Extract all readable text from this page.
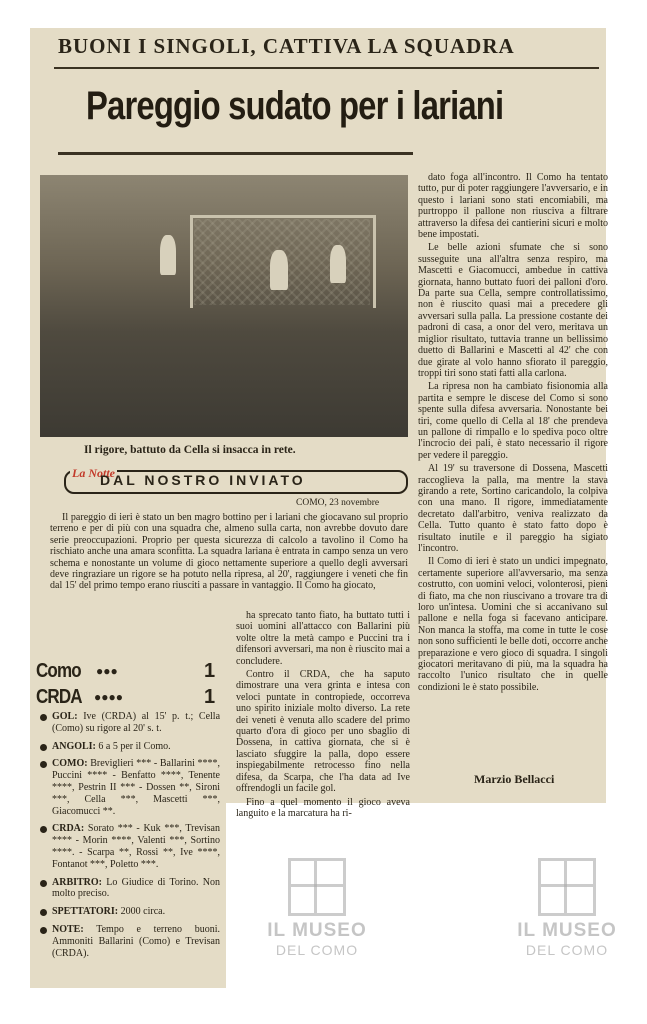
BUONI I SINGOLI, CATTIVA LA SQUADRA
Pareggio sudato per i lariani
Il rigore, battuto da Cella si insacca in rete.
La Notte
DAL NOSTRO INVIATO
COMO, 23 novembre
Il pareggio di ieri è stato un ben magro bottino per i lariani che giocavano sul proprio terreno e per di più con una squadra che, almeno sulla carta, non avrebbe dovuto dare serie preoccupazioni. Proprio per questa sicurezza di calcolo a tavolino il Como ha rischiato anche una amara sconfitta. La squadra lariana è entrata in campo senza un vero schema e nonostante un volume di gioco nettamente superiore a quello degli avversari deve ringraziare un rigore se ha potuto nella ripresa, al 20', raggiungere i veneti che fin dal 15' del primo tempo erano riusciti a passare in vantaggio. Il Como ha giocato,

ha sprecato tanto fiato, ha buttato tutti i suoi uomini all'attacco con Ballarini più volte oltre la metà campo e Puccini tra i difensori avversari, ma non è riuscito mai a concludere.

Contro il CRDA, che ha saputo dimostrare una vera grinta e intesa con veloci puntate in contropiede, occorreva uno spirito iniziale molto diverso. La rete dei veneti è venuta allo scadere del primo quarto d'ora di gioco per uno sbaglio di Dossena, in cattiva giornata, che si è lasciato sfuggire la palla, dopo essere inspiegabilmente retrocesso fino nella difesa, da Scarpa, che l'ha data ad Ive offrendogli un facile gol.

Fino a quel momento il gioco aveva languito e la marcatura ha ri-

dato foga all'incontro. Il Como ha tentato tutto, pur di poter raggiungere l'avversario, e in questo i lariani sono stati encomiabili, ma purtroppo il pallone non riusciva a filtrare attraverso la difesa dei cantierini sicuri e molto bene impostati.

Le belle azioni sfumate che si sono susseguite una all'altra senza respiro, ma Mascetti e Giacomucci, ambedue in cattiva giornata, hanno buttato fuori dei palloni d'oro. Da parte sua Cella, sempre controllatissimo, non è riuscito quasi mai a precedere gli avversari sulla palla. La pressione costante dei padroni di casa, a onor del vero, meritava un miglior risultato, tuttavia tranne un bellissimo duetto di Ballarini e Mascetti al 42' che con due girate al volo hanno sfiorato il pareggio, troppi tiri sono stati fatti alla carlona.

La ripresa non ha cambiato fisionomia alla partita e sempre le discese del Como si sono spente sulla difesa avversaria. Nonostante bei tiri, come quello di Cella al 18' che prendeva un pallone di rimpallo e lo spediva poco oltre l'incrocio dei pali, è stato necessario il rigore per vedere il pareggio.

Al 19' su traversone di Dossena, Mascetti raccoglieva la palla, ma mentre la stava girando a rete, Sortino caricandolo, la colpiva con una mano. Il rigore, immediatamente decretato dall'arbitro, veniva realizzato da Cella. Tutto quanto è stato fatto dopo è risultato inutile e il pareggio ha sigiato l'incontro.

Il Como di ieri è stato un undici impegnato, certamente superiore all'avversario, ma senza costrutto, con uomini veloci, volonterosi, pieni di fiato, ma che non riuscivano a trovare tra di loro un'intesa. Uomini che si accanivano sul pallone e nella foga si facevano anticipare. Non manca la stoffa, ma come in tutte le cose non sono sufficienti le belle doti, occorre anche preparazione e vero gioco di squadra. I singoli giocatori meritavano di più, ma la squadra ha raccolto l'unico risultato che in quelle condizioni le è stato possibile.

Marzio Bellacci
Como ●●●	1
CRDA ●●●●	1
GOL: Ive (CRDA) al 15' p. t.; Cella (Como) su rigore al 20' s. t.
ANGOLI: 6 a 5 per il Como.
COMO: Breviglieri *** - Ballarini ****, Puccini **** - Benfatto ****, Tenente ****, Pestrin II *** - Dossen **, Sironi ***, Cella ***, Mascetti ***, Giacomucci **.
CRDA: Sorato *** - Kuk ***, Trevisan **** - Morin ****, Valenti ***, Sortino ****. - Scarpa **, Rossi **, Ive ****, Fontanot ***, Poletto ***.
ARBITRO: Lo Giudice di Torino. Non molto preciso.
SPETTATORI: 2000 circa.
NOTE: Tempo e terreno buoni. Ammoniti Ballarini (Como) e Trevisan (CRDA).
IL MUSEO
DEL COMO
IL MUSEO
DEL COMO
